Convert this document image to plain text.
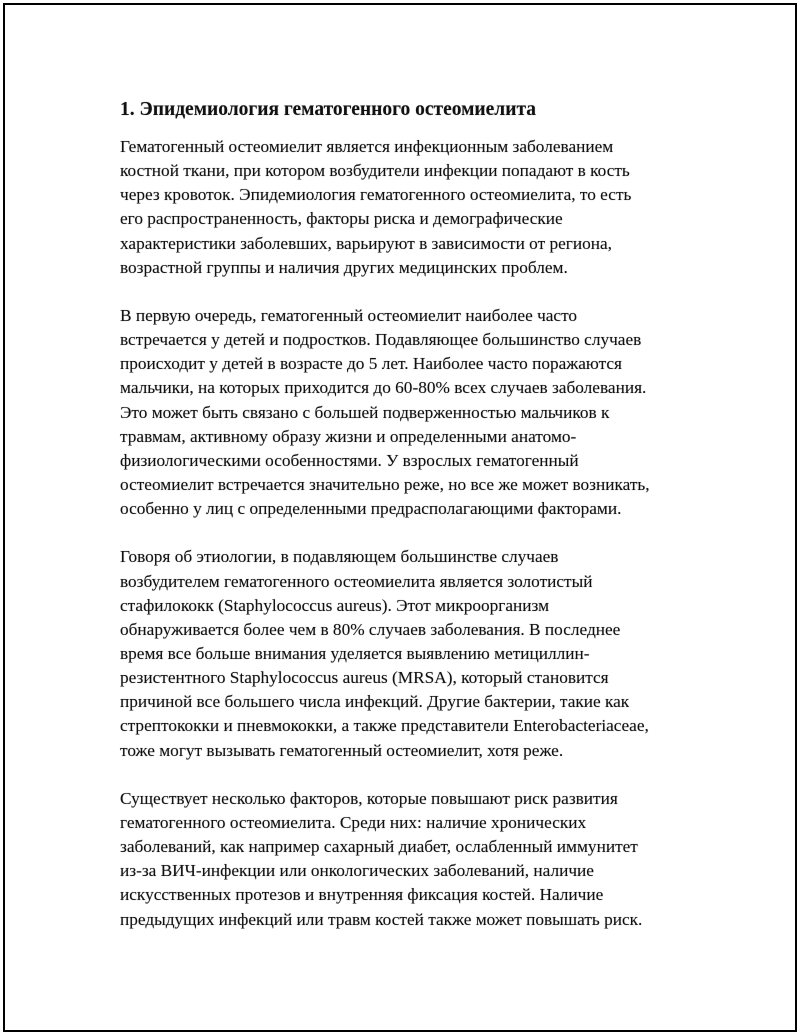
1. Эпидемиология гематогенного остеомиелита
Гематогенный остеомиелит является инфекционным заболеванием
костной ткани, при котором возбудители инфекции попадают в кость
через кровоток. Эпидемиология гематогенного остеомиелита, то есть
его распространенность, факторы риска и демографические
характеристики заболевших, варьируют в зависимости от региона,
возрастной группы и наличия других медицинских проблем.
В первую очередь, гематогенный остеомиелит наиболее часто
встречается у детей и подростков. Подавляющее большинство случаев
происходит у детей в возрасте до 5 лет. Наиболее часто поражаются
мальчики, на которых приходится до 60-80% всех случаев заболевания.
Это может быть связано с большей подверженностью мальчиков к
травмам, активному образу жизни и определенными анатомо-
физиологическими особенностями. У взрослых гематогенный
остеомиелит встречается значительно реже, но все же может возникать,
особенно у лиц с определенными предрасполагающими факторами.
Говоря об этиологии, в подавляющем большинстве случаев
возбудителем гематогенного остеомиелита является золотистый
стафилококк (Staphylococcus aureus). Этот микроорганизм
обнаруживается более чем в 80% случаев заболевания. В последнее
время все больше внимания уделяется выявлению метициллин-
резистентного Staphylococcus aureus (MRSA), который становится
причиной все большего числа инфекций. Другие бактерии, такие как
стрептококки и пневмококки, а также представители Enterobacteriaceae,
тоже могут вызывать гематогенный остеомиелит, хотя реже.
Существует несколько факторов, которые повышают риск развития
гематогенного остеомиелита. Среди них: наличие хронических
заболеваний, как например сахарный диабет, ослабленный иммунитет
из-за ВИЧ-инфекции или онкологических заболеваний, наличие
искусственных протезов и внутренняя фиксация костей. Наличие
предыдущих инфекций или травм костей также может повышать риск.
